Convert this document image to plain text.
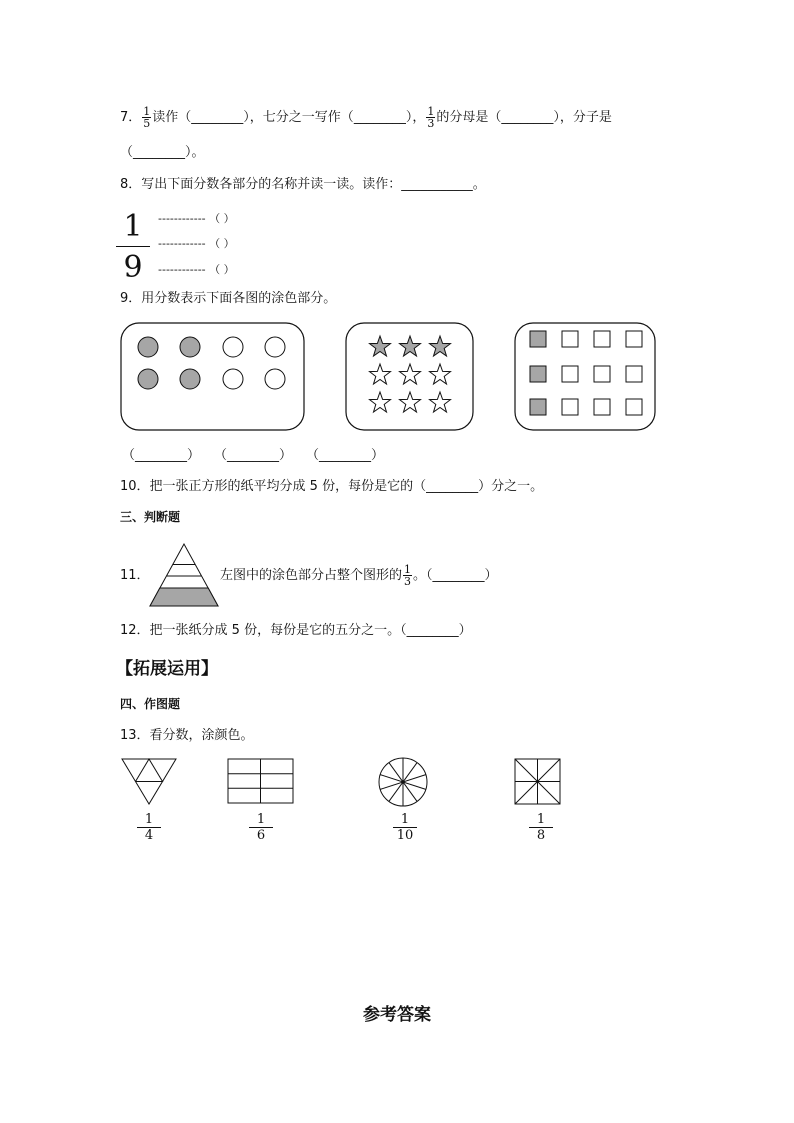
7． $\frac{1}{5}$ 读作（________），七分之一写作（________）， $\frac{1}{3}$ 的分母是（________），分子是
（________）。
8．写出下面分数各部分的名称并读一读。读作：___________。
1
9
------------ （ ）
------------ （ ）
------------ （ ）
9．用分数表示下面各图的涂色部分。
（________） （________） （________）
10．把一张正方形的纸平均分成 5 份，每份是它的（________）分之一。
三、判断题
11．	左图中的涂色部分占整个图形的 $\frac{1}{3}$ 。（________）
12．把一张纸分成 5 份，每份是它的五分之一。（________）
【拓展运用】
四、作图题
13．看分数，涂颜色。
1
4
1
6
1
10
1
8
参考答案
